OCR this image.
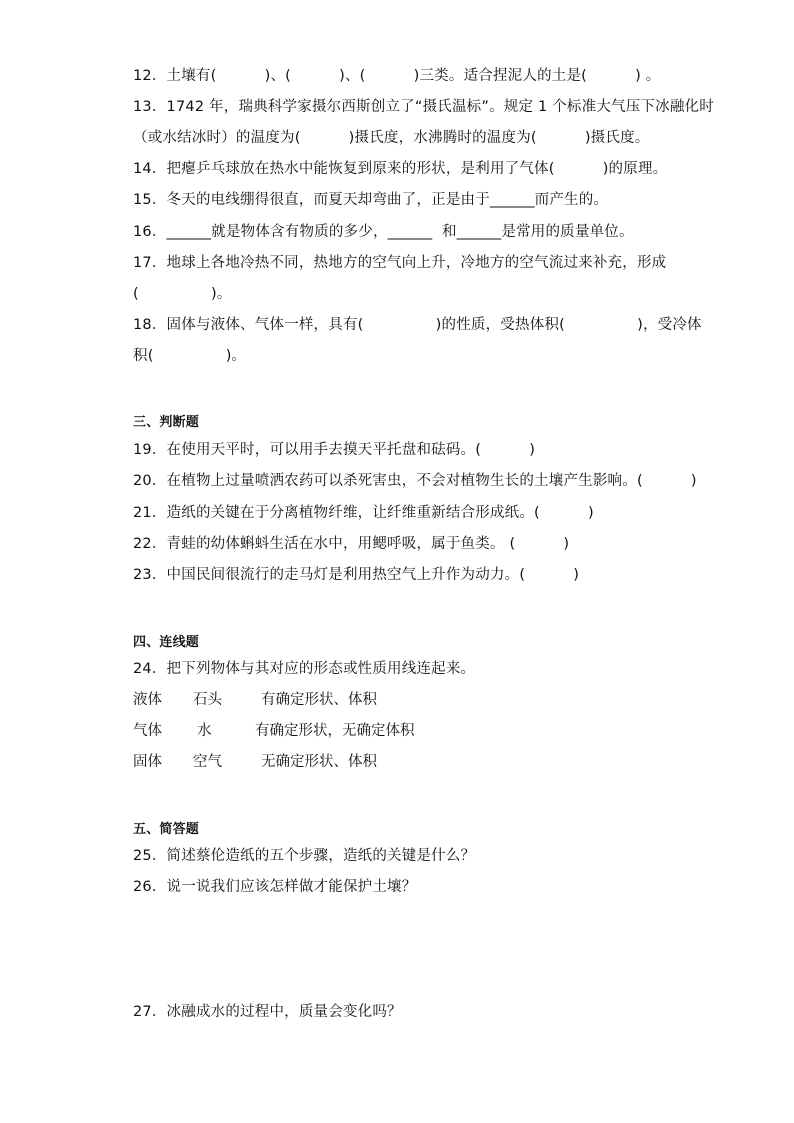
12．土壤有(          )、(          )、(          )三类。适合捏泥人的土是(          ) 。
13．1742 年，瑞典科学家摄尔西斯创立了“摄氏温标”。规定 1 个标准大气压下冰融化时
（或水结冰时）的温度为(          )摄氏度，水沸腾时的温度为(          )摄氏度。
14．把瘪乒乓球放在热水中能恢复到原来的形状，是利用了气体(          )的原理。
15．冬天的电线绷得很直，而夏天却弯曲了，正是由于______而产生的。
16．______就是物体含有物质的多少，______  和______是常用的质量单位。
17．地球上各地冷热不同，热地方的空气向上升，冷地方的空气流过来补充，形成
(               )。
18．固体与液体、气体一样，具有(               )的性质，受热体积(               )，受冷体
积(               )。
三、判断题
19．在使用天平时，可以用手去摸天平托盘和砝码。(          )
20．在植物上过量喷洒农药可以杀死害虫，不会对植物生长的土壤产生影响。(          )
21．造纸的关键在于分离植物纤维，让纤维重新结合形成纸。(          )
22．青蛙的幼体蝌蚪生活在水中，用鳃呼吸，属于鱼类。 (          )
23．中国民间很流行的走马灯是利用热空气上升作为动力。(          )
四、连线题
24．把下列物体与其对应的形态或性质用线连起来。
液体 石头	有确定形状、体积
气体 水	有确定形状，无确定体积
固体 空气	无确定形状、体积
五、简答题
25．简述蔡伦造纸的五个步骤，造纸的关键是什么？
26．说一说我们应该怎样做才能保护土壤？
27．冰融成水的过程中，质量会变化吗？
